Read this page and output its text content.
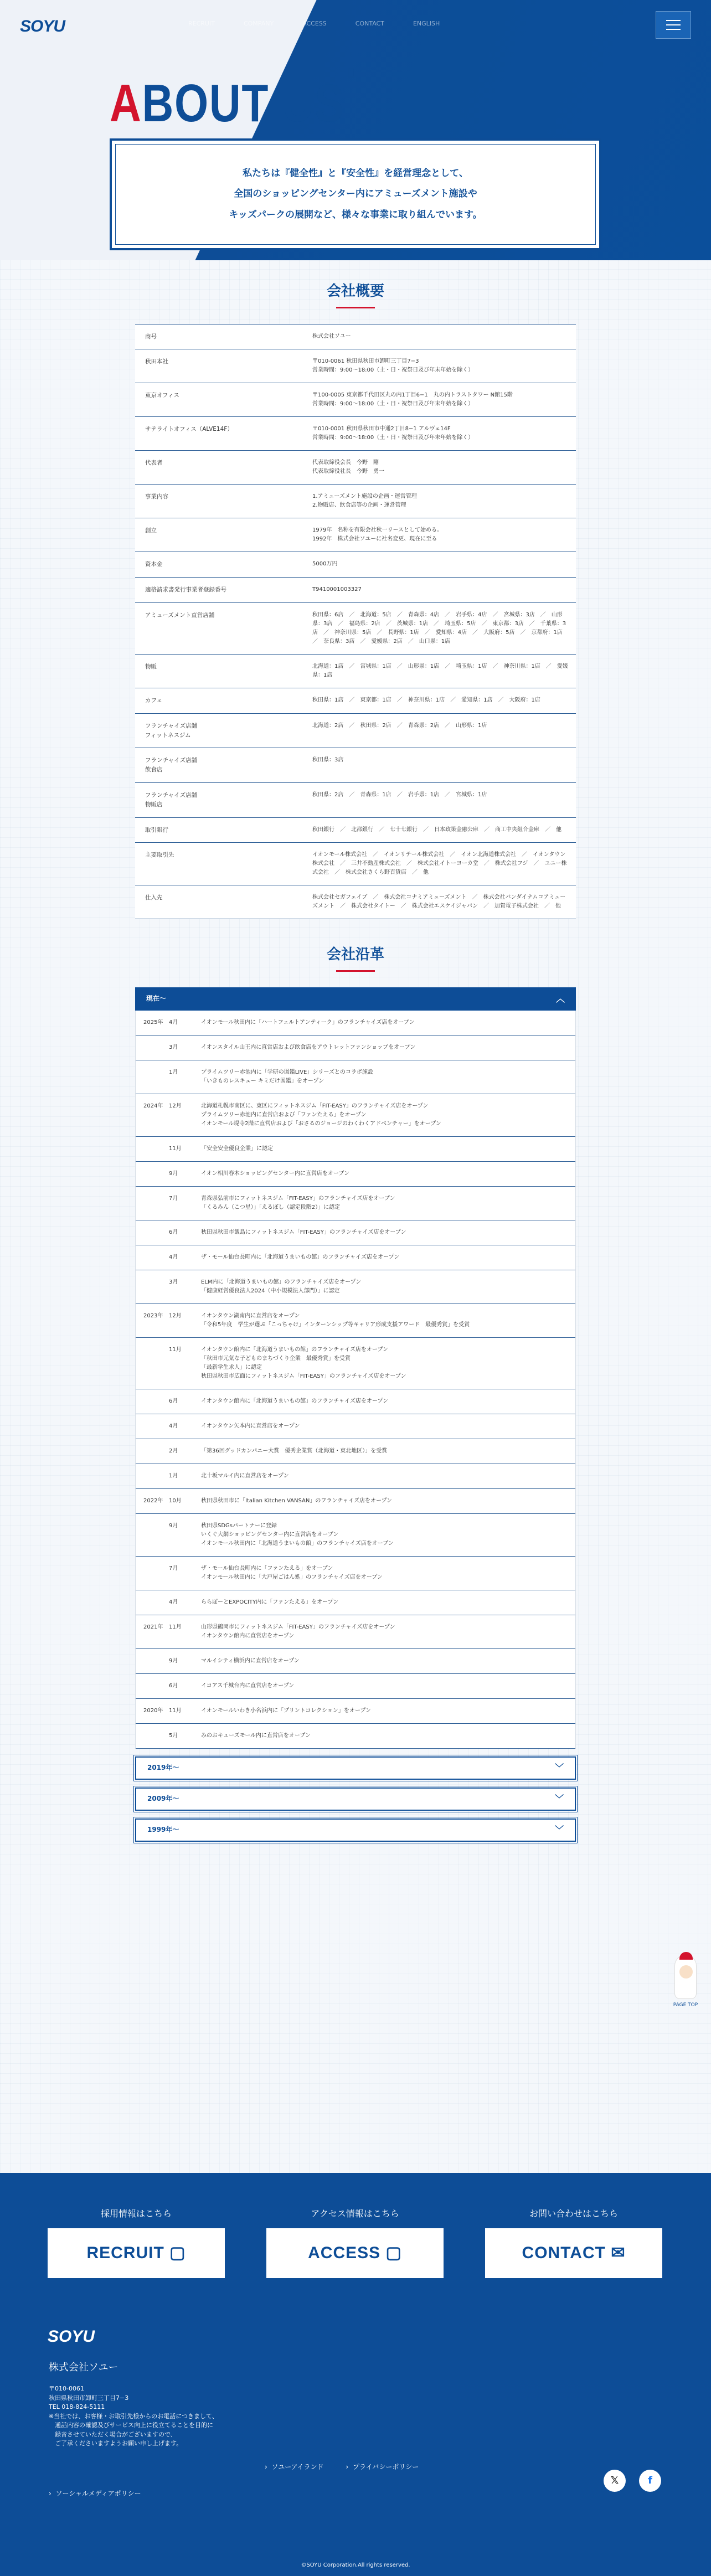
SOYU	RECRUIT	COMPANY	ACCESS	CONTACT	ENGLISH
ABOUT US

私たちは『健全性』と『安全性』を経営理念として、

全国のショッピングセンター内にアミューズメント施設や

キッズパークの展開など、様々な事業に取り組んでいます。

会社概要
商号	株式会社ソユー
秋田本社	〒010-0061 秋田県秋田市卸町三丁目7−3
営業時間：9:00〜18:00（土・日・祝祭日及び年末年始を除く）
東京オフィス	〒100-0005 東京都千代田区丸の内1丁目6−1　丸の内トラストタワー N館15階
営業時間：9:00〜18:00（土・日・祝祭日及び年末年始を除く）
サテライトオフィス（ALVE14F）	〒010-0001 秋田県秋田市中通2丁目8−1 アルヴェ14F
営業時間：9:00〜18:00（土・日・祝祭日及び年末年始を除く）
代表者	代表取締役会長　今野　剛
代表取締役社長　今野　勇一
事業内容	1.アミューズメント施設の企画・運営管理
2.物販店、飲食店等の企画・運営管理
創立	1979年　名称を有限会社秋一リースとして始める。
1992年　株式会社ソユーに社名変更、現在に至る
資本金	5000万円
適格請求書発行事業者登録番号	T9410001003327
アミューズメント直営店舗	秋田県：6店　／　北海道：5店　／　青森県：4店　／　岩手県：4店　／　宮城県：3店　／　山形県：3店　／　福島県：2店　／　茨城県：1店　／　埼玉県：5店　／　東京都：3店　／　千葉県：3店　／　神奈川県：5店　／　長野県：1店　／　愛知県：4店　／　大阪府：5店　／　京都府：1店　／　奈良県：3店　／　愛媛県：2店　／　山口県：1店
物販	北海道：1店　／　宮城県：1店　／　山形県：1店　／　埼玉県：1店　／　神奈川県：1店　／　愛媛県：1店
カフェ	秋田県：1店　／　東京都：1店　／　神奈川県：1店　／　愛知県：1店　／　大阪府：1店
フランチャイズ店舗
フィットネスジム
北海道：2店　／　秋田県：2店　／　青森県：2店　／　山形県：1店
フランチャイズ店舗
飲食店
秋田県：3店
フランチャイズ店舗
物販店
秋田県：2店　／　青森県：1店　／　岩手県：1店　／　宮城県：1店
取引銀行	秋田銀行　／　北都銀行　／　七十七銀行　／　日本政策金融公庫　／　商工中央組合金庫　／　他
主要取引先	イオンモール株式会社　／　イオンリテール株式会社　／　イオン北海道株式会社　／　イオンタウン株式会社　／　三井不動産株式会社　／　株式会社イトーヨーカ堂　／　株式会社フジ　／　ユニー株式会社　／　株式会社さくら野百貨店　／　他
仕入先	株式会社セガフェイブ　／　株式会社コナミアミューズメント　／　株式会社バンダイナムコアミューズメント　／　株式会社タイトー　／　株式会社エスケイジャパン　／　加賀電子株式会社　／　他
会社沿革
現在〜	︿
2025年	4月	イオンモール秋田内に「ハートフェルトアンティーク」のフランチャイズ店をオープン
3月	イオンスタイル山王内に直営店および飲食店をアウトレットファンショップをオープン
1月	プライムツリー赤池内に「学研の図鑑LIVE」シリーズとのコラボ施設
「いきものレスキュー キミだけ図鑑」をオープン
2024年	12月	北海道札幌市南区に、東区にフィットネスジム「FIT-EASY」のフランチャイズ店をオープン
プライムツリー赤池内に直営店および「ファンたえる」をオープン
イオンモール堤寺2階に直営店および「おさるのジョージのわくわくアドベンチャー」をオープン
11月	「安全安全優良企業」に認定
9月	イオン相川春木ショッピングセンター内に直営店をオープン
7月	青森県弘前市にフィットネスジム「FIT-EASY」のフランチャイズ店をオープン
「くるみん（こつ星）」「えるぼし（認定段階2）」に認定
6月	秋田県秋田市飯島にフィットネスジム「FIT-EASY」のフランチャイズ店をオープン
4月	ザ・モール仙台長町内に「北海道うまいもの館」のフランチャイズ店をオープン
3月	ELM内に「北海道うまいもの館」のフランチャイズ店をオープン
「健康経営優良法人2024（中小規模法人部門）」に認定
2023年	12月	イオンタウン湖南内に直営店をオープン
「令和5年度　学生が選ぶ「こっちゃけ」インターンシップ等キャリア形成支援アワード　最優秀賞」を受賞
11月	イオンタウン館内に「北海道うまいもの館」のフランチャイズ店をオープン
「秋田市元気な子どものまちづくり企業　最優秀賞」を受賞
「最新学生求人」に認定
秋田県秋田市広面にフィットネスジム「FIT-EASY」のフランチャイズ店をオープン
6月	イオンタウン館内に「北海道うまいもの館」のフランチャイズ店をオープン
4月	イオンタウン矢本内に直営店をオープン
2月	「第36回グッドカンパニー大賞　優秀企業賞（北海道・東北地区）」を受賞
1月	北十坂マルイ内に直営店をオープン
2022年	10月	秋田県秋田市に「Italian Kitchen VANSAN」のフランチャイズ店をオープン
9月	秋田県SDGsパートナーに登録
いくぐ大網ショッピングセンター内に直営店をオープン
イオンモール秋田内に「北海道うまいもの館」のフランチャイズ店をオープン
7月	ザ・モール仙台長町内に「ファンたえる」をオープン
イオンモール秋田内に「大戸屋ごはん処」のフランチャイズ店をオープン
4月	ららぽーとEXPOCITY内に「ファンたえる」をオープン
2021年	11月	山形県鶴岡市にフィットネスジム「FIT-EASY」のフランチャイズ店をオープン
イオンタウン館内に直営店をオープン
9月	マルイシティ横浜内に直営店をオープン
6月	イコアス千城台内に直営店をオープン
2020年	11月	イオンモールいわき小名浜内に「プリントコレクション」をオープン
5月	みのおキューズモール内に直営店をオープン
2019年〜	﹀
2009年〜	﹀
1999年〜	﹀
PAGE TOP
採用情報はこちら	アクセス情報はこちら	お問い合わせはこちら
RECRUIT
▢	ACCESS
▢	CONTACT
✉
SOYU
株式会社ソユー
〒010-0061
秋田県秋田市卸町三丁目7−3
TEL 018-824-5111
※当社では、お客様・お取引先様からのお電話につきまして、
　通話内容の確認及びサービス向上に役立てることを目的に
　録音させていただく場合がございますので、
　ご了承くださいますようお願い申し上げます。
›  ソユーアイランド	›  プライバシーポリシー
›  ソーシャルメディアポリシー
𝕏	f
©SOYU Corporation.All rights reserved.
